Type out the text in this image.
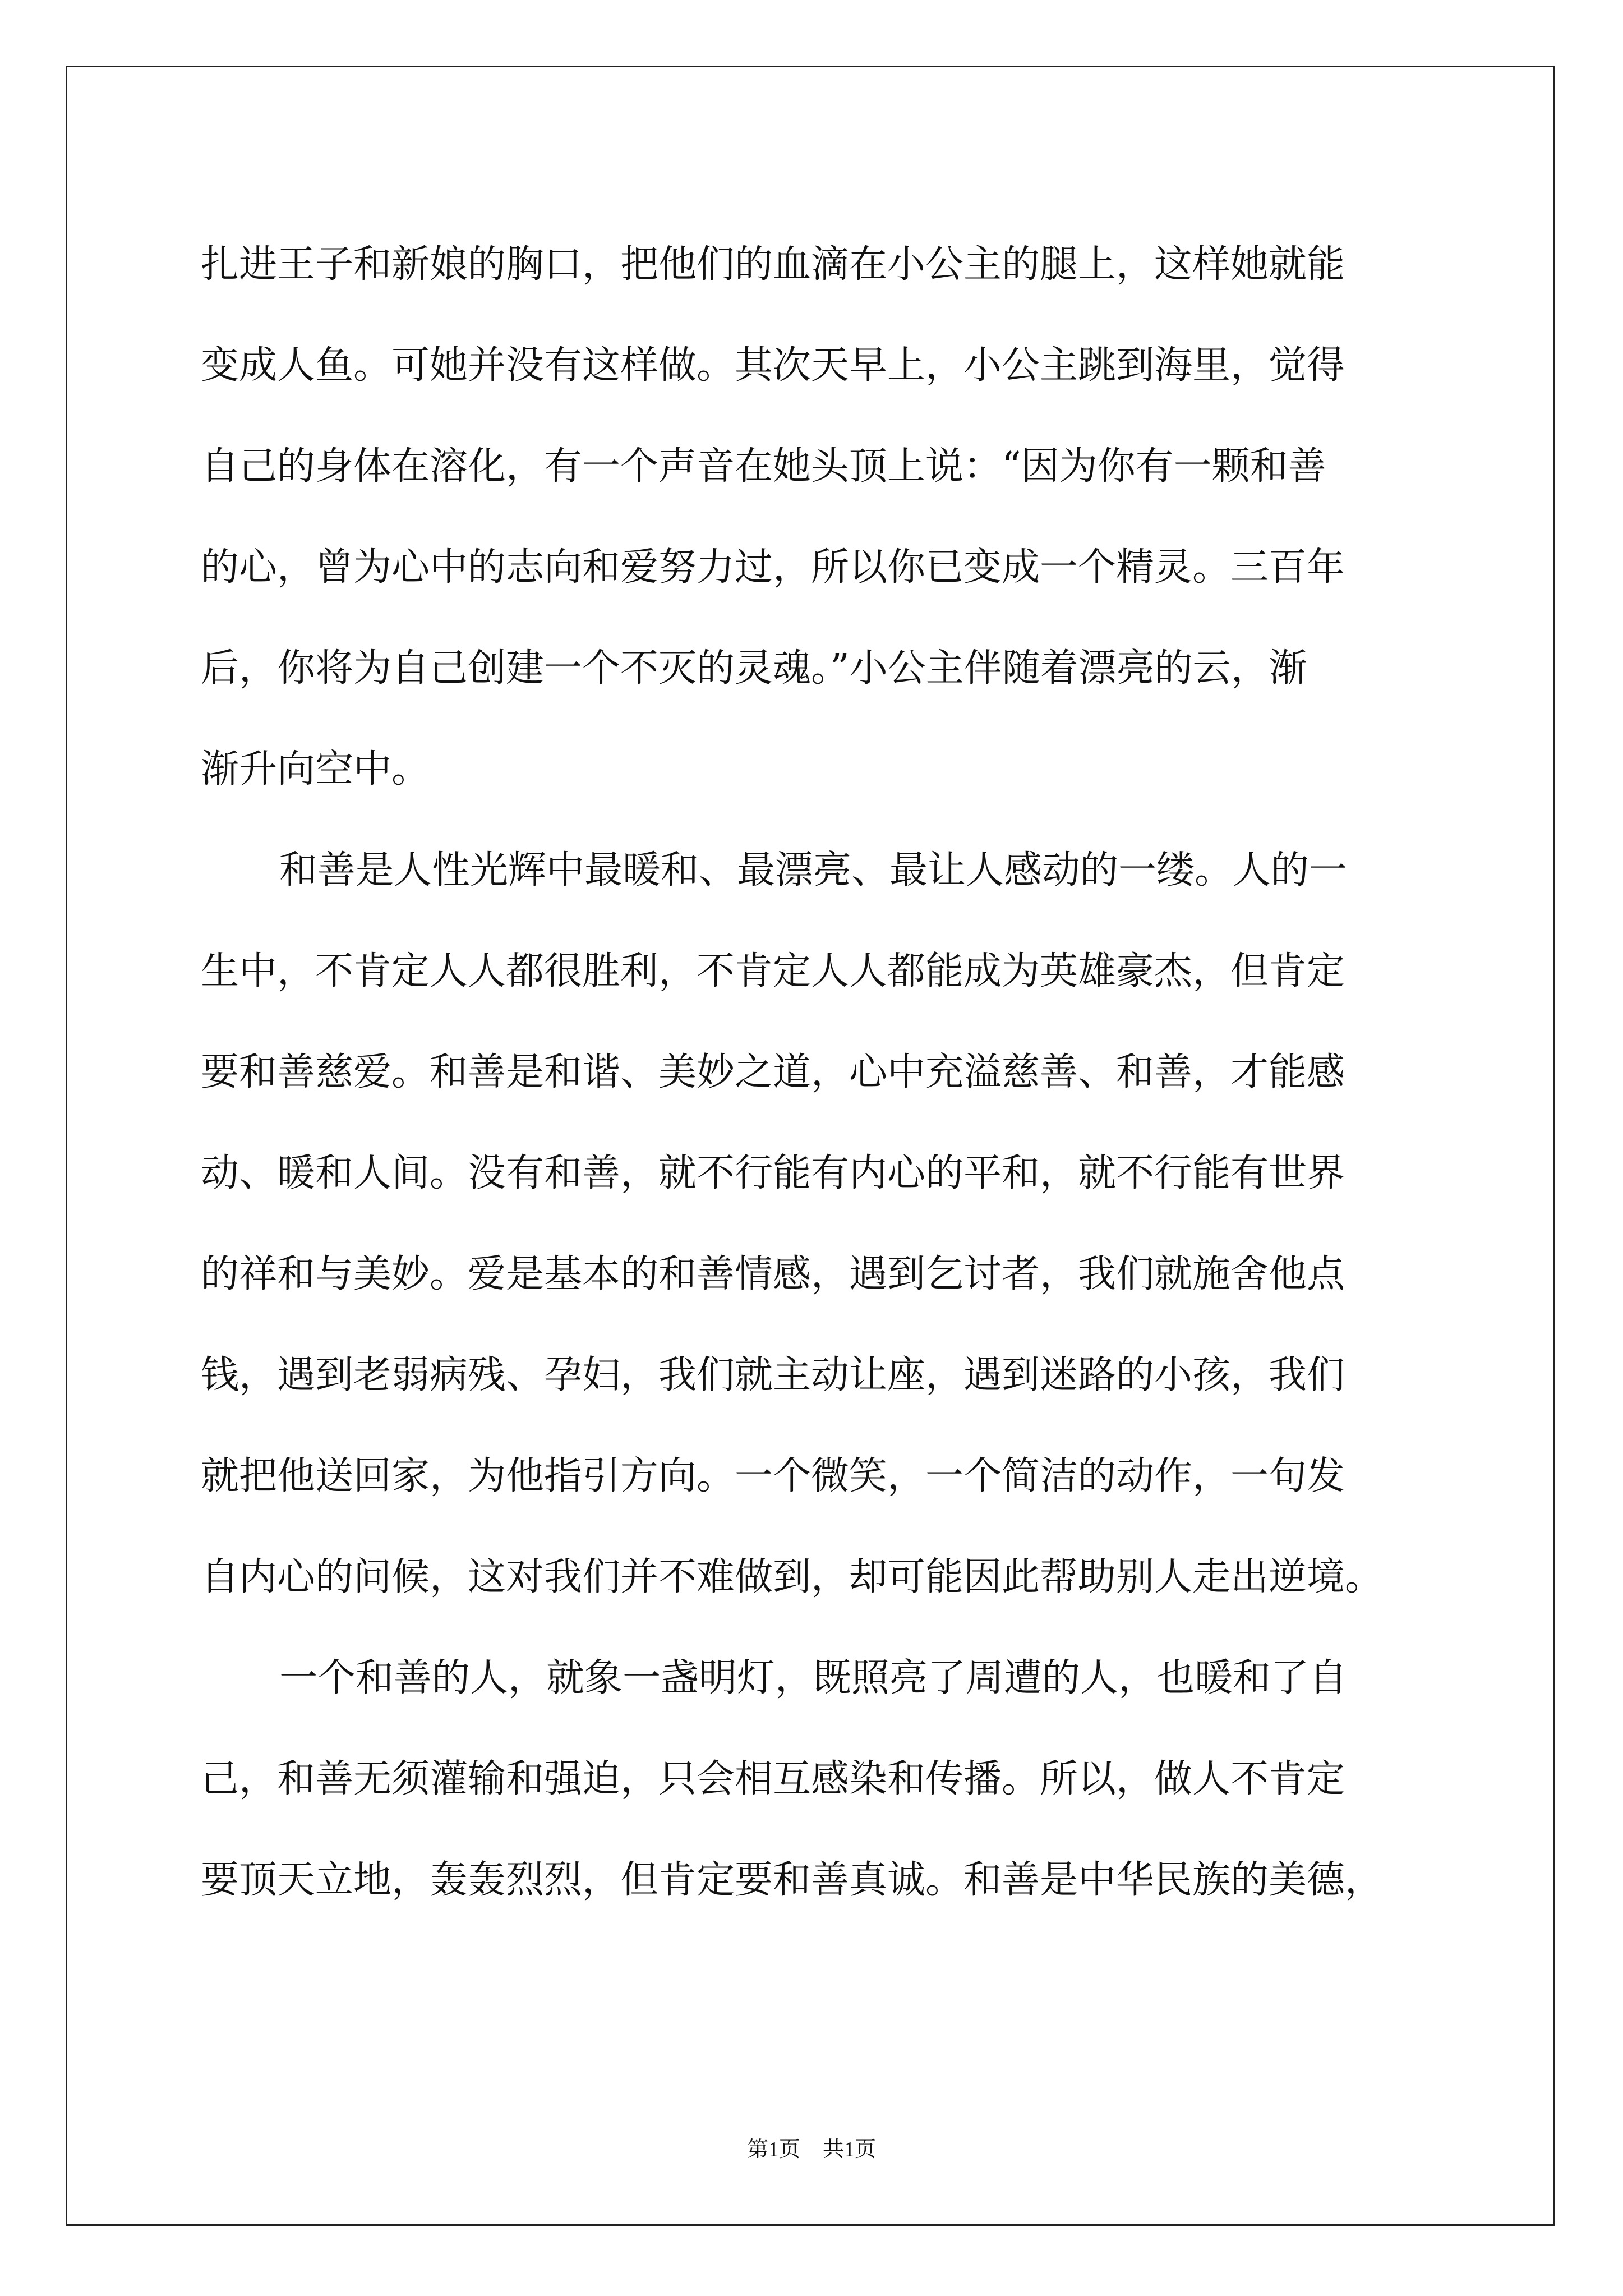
扎进王子和新娘的胸口，把他们的血滴在小公主的腿上，这样她就能
变成人鱼。可她并没有这样做。其次天早上，小公主跳到海里，觉得
自己的身体在溶化，有一个声音在她头顶上说：“因为你有一颗和善
的心，曾为心中的志向和爱努力过，所以你已变成一个精灵。三百年
后，你将为自己创建一个不灭的灵魂。”小公主伴随着漂亮的云，渐
渐升向空中。
和善是人性光辉中最暖和、最漂亮、最让人感动的一缕。人的一
生中，不肯定人人都很胜利，不肯定人人都能成为英雄豪杰，但肯定
要和善慈爱。和善是和谐、美妙之道，心中充溢慈善、和善，才能感
动、暖和人间。没有和善，就不行能有内心的平和，就不行能有世界
的祥和与美妙。爱是基本的和善情感，遇到乞讨者，我们就施舍他点
钱，遇到老弱病残、孕妇，我们就主动让座，遇到迷路的小孩，我们
就把他送回家，为他指引方向。一个微笑，一个简洁的动作，一句发
自内心的问候，这对我们并不难做到，却可能因此帮助别人走出逆境。
一个和善的人，就象一盏明灯，既照亮了周遭的人，也暖和了自
己，和善无须灌输和强迫，只会相互感染和传播。所以，做人不肯定
要顶天立地，轰轰烈烈，但肯定要和善真诚。和善是中华民族的美德，
第1页 共1页
